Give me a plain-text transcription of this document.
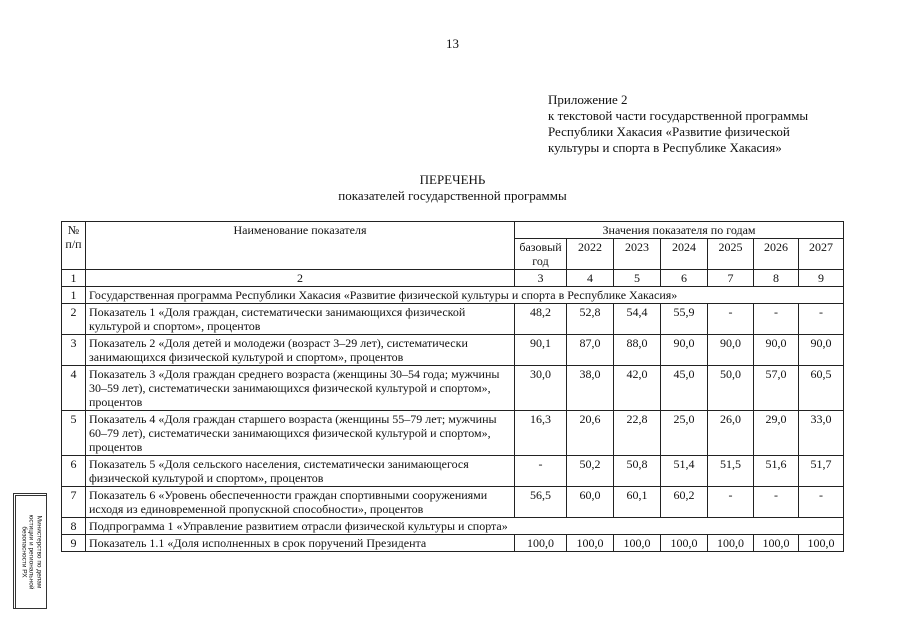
13
Приложение 2
к текстовой части государственной программы
Республики Хакасия «Развитие физической
культуры и спорта в Республике Хакасия»
ПЕРЕЧЕНЬ
показателей государственной программы
№ п/п	Наименование показателя	Значения показателя по годам						
		базовый год	2022	2023	2024	2025	2026	2027
1	2	3	4	5	6	7	8	9
1	Государственная программа Республики Хакасия «Развитие физической культуры и спорта в Республике Хакасия»							
2	Показатель 1 «Доля граждан, систематически занимающихся физической культурой и спортом», процентов	48,2	52,8	54,4	55,9	-	-	-
3	Показатель 2 «Доля детей и молодежи (возраст 3–29 лет), систематически занимающихся физической культурой и спортом», процентов	90,1	87,0	88,0	90,0	90,0	90,0	90,0
4	Показатель 3 «Доля граждан среднего возраста (женщины 30–54 года; мужчины 30–59 лет), систематически занимающихся физической культурой и спортом», процентов	30,0	38,0	42,0	45,0	50,0	57,0	60,5
5	Показатель 4 «Доля граждан старшего возраста (женщины 55–79 лет; мужчины 60–79 лет), систематически занимающихся физической культурой и спортом», процентов	16,3	20,6	22,8	25,0	26,0	29,0	33,0
6	Показатель 5 «Доля сельского населения, систематически занимающегося физической культурой и спортом», процентов	-	50,2	50,8	51,4	51,5	51,6	51,7
7	Показатель 6 «Уровень обеспеченности граждан спортивными сооружениями исходя из единовременной пропускной способности», процентов	56,5	60,0	60,1	60,2	-	-	-
8	Подпрограмма 1 «Управление развитием отрасли физической культуры и спорта»							
9	Показатель 1.1 «Доля исполненных в срок поручений Президента	100,0	100,0	100,0	100,0	100,0	100,0	100,0
Министерство по делам
юстиции и региональной
безопасности РХ
